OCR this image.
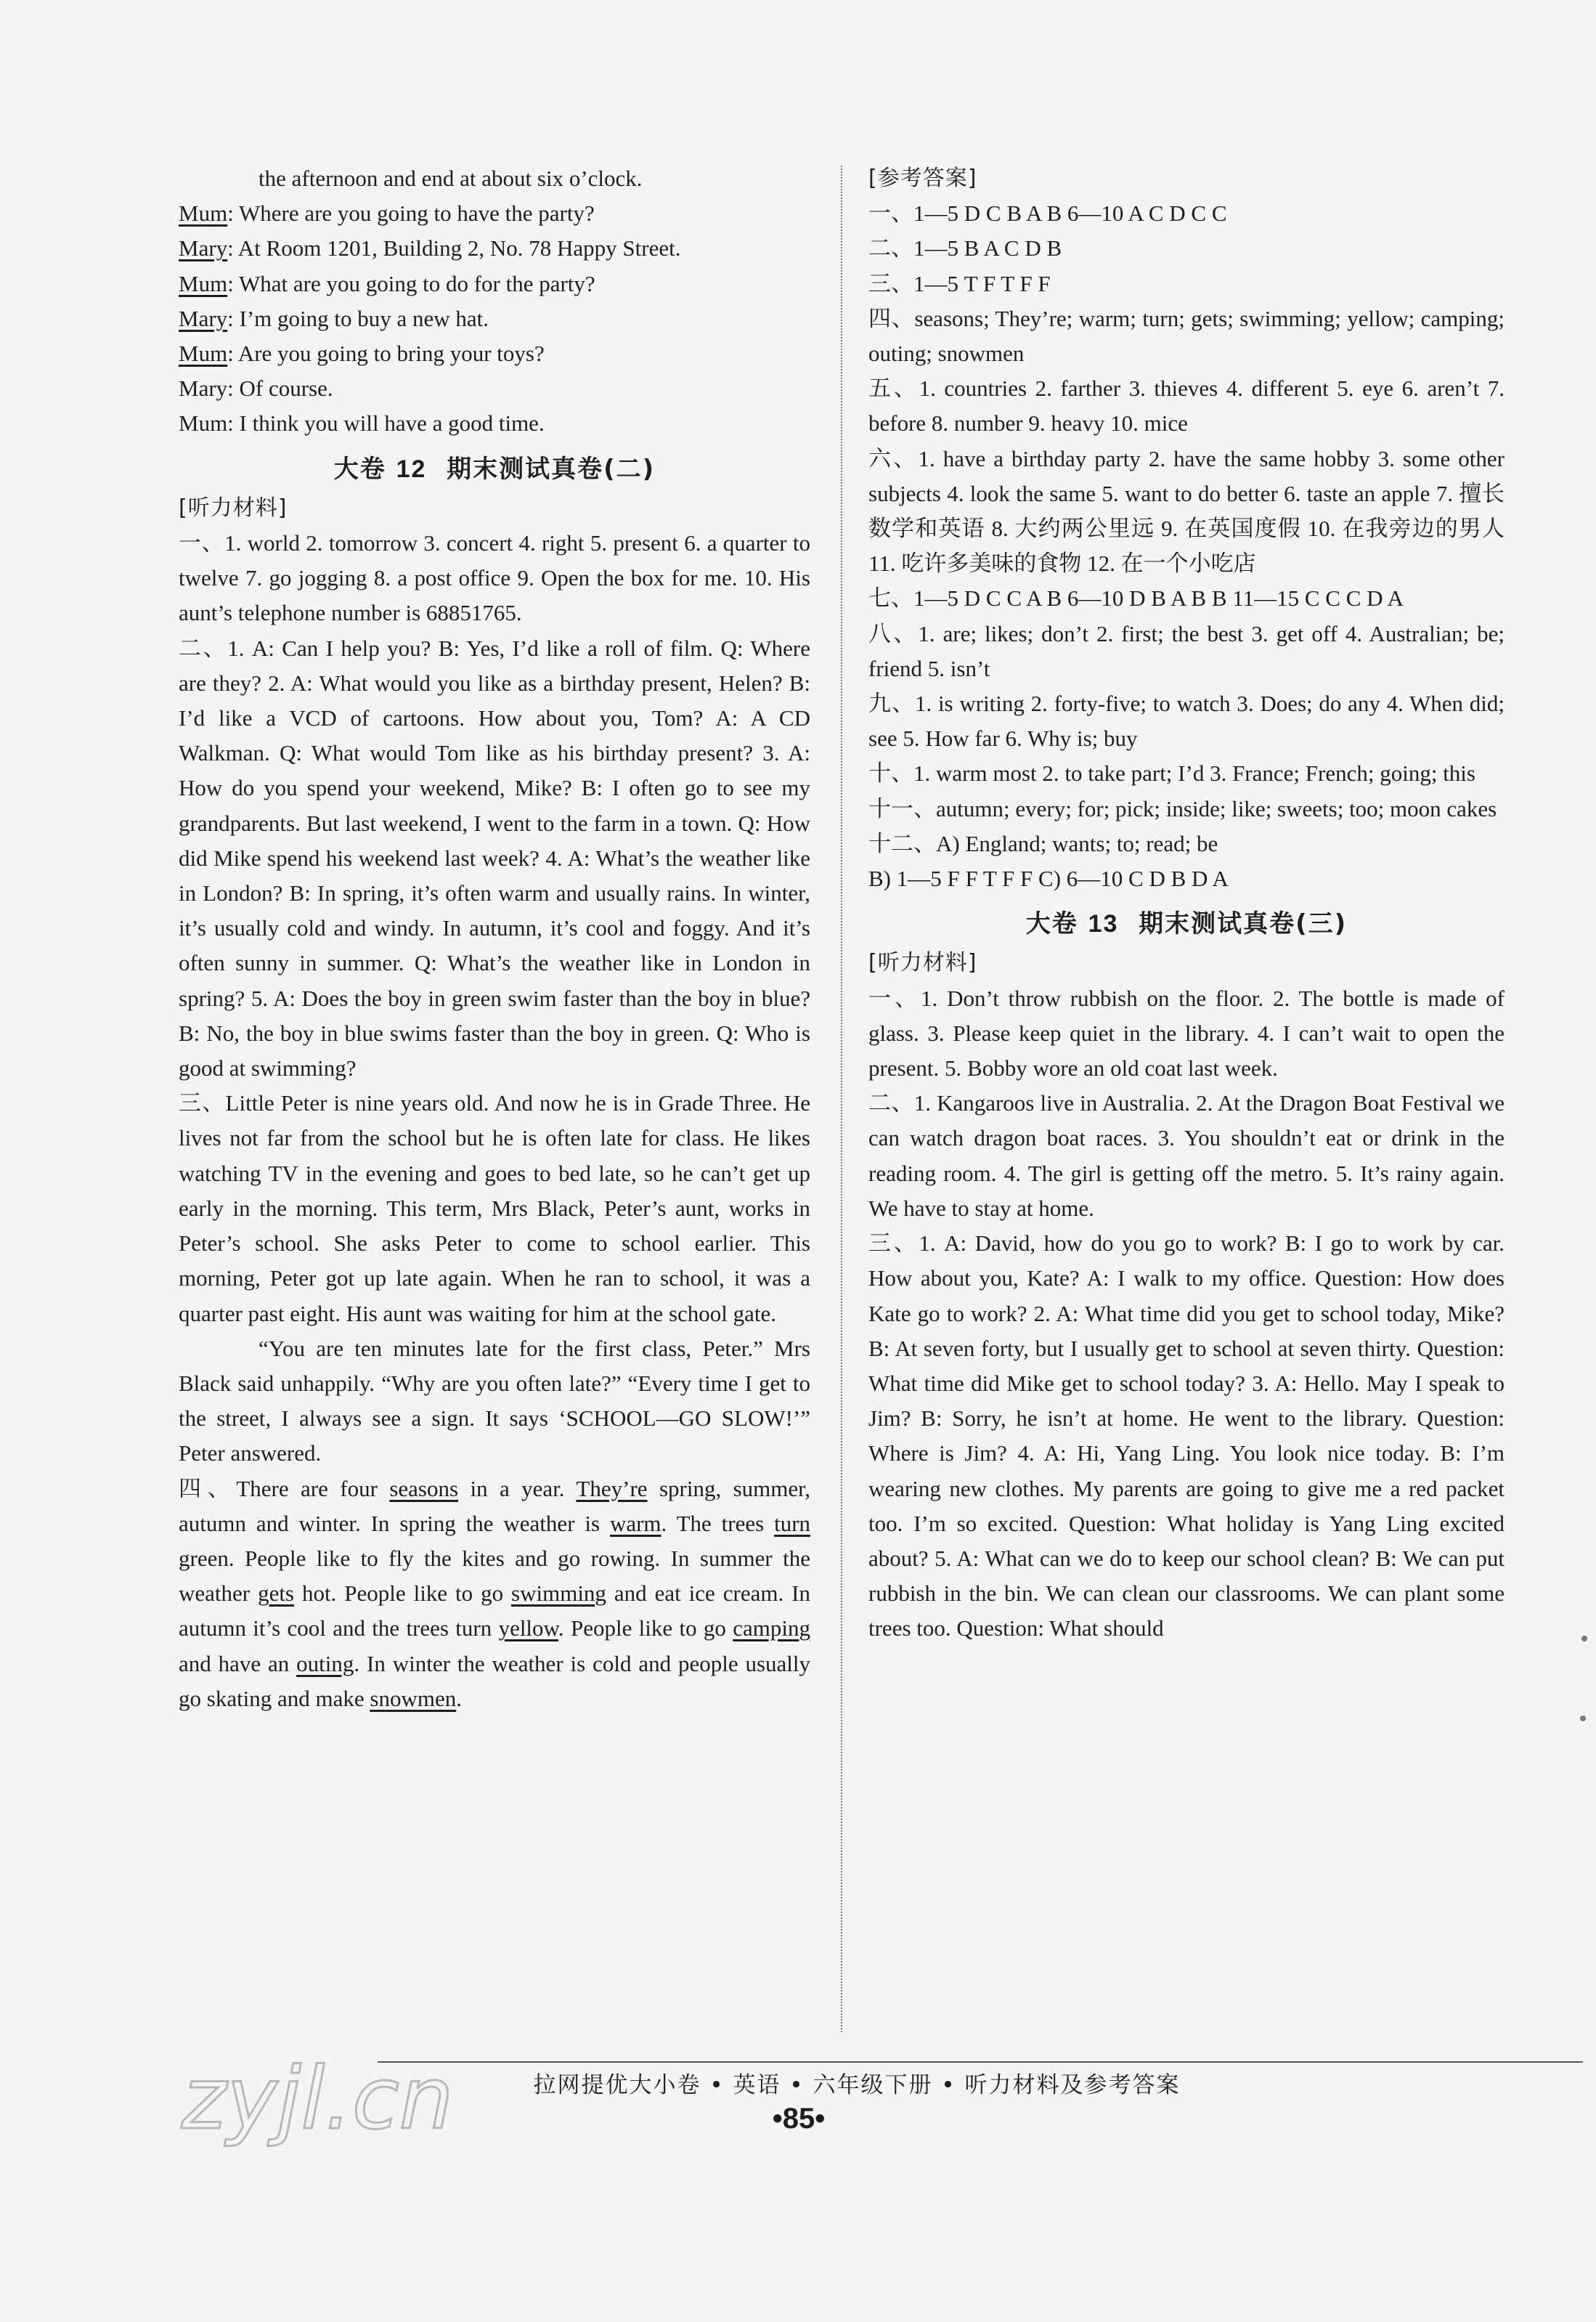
the afternoon and end at about six o’clock.

Mum: Where are you going to have the party?

Mary: At Room 1201, Building 2, No. 78 Happy Street.

Mum: What are you going to do for the party?

Mary: I’m going to buy a new hat.

Mum: Are you going to bring your toys?

Mary: Of course.

Mum: I think you will have a good time.

大卷 12 期末测试真卷(二)
[听力材料]

一、1. world 2. tomorrow 3. concert 4. right 5. present 6. a quarter to twelve 7. go jogging 8. a post office 9. Open the box for me. 10. His aunt’s telephone number is 68851765.

二、1. A: Can I help you? B: Yes, I’d like a roll of film. Q: Where are they? 2. A: What would you like as a birthday present, Helen? B: I’d like a VCD of cartoons. How about you, Tom? A: A CD Walkman. Q: What would Tom like as his birthday present? 3. A: How do you spend your weekend, Mike? B: I often go to see my grandparents. But last weekend, I went to the farm in a town. Q: How did Mike spend his weekend last week? 4. A: What’s the weather like in London? B: In spring, it’s often warm and usually rains. In winter, it’s usually cold and windy. In autumn, it’s cool and foggy. And it’s often sunny in summer. Q: What’s the weather like in London in spring? 5. A: Does the boy in green swim faster than the boy in blue? B: No, the boy in blue swims faster than the boy in green. Q: Who is good at swimming?

三、Little Peter is nine years old. And now he is in Grade Three. He lives not far from the school but he is often late for class. He likes watching TV in the evening and goes to bed late, so he can’t get up early in the morning. This term, Mrs Black, Peter’s aunt, works in Peter’s school. She asks Peter to come to school earlier. This morning, Peter got up late again. When he ran to school, it was a quarter past eight. His aunt was waiting for him at the school gate.

“You are ten minutes late for the first class, Peter.” Mrs Black said unhappily. “Why are you often late?” “Every time I get to the street, I always see a sign. It says ‘SCHOOL—GO SLOW!’” Peter answered.

四、There are four seasons in a year. They’re spring, summer, autumn and winter. In spring the weather is warm. The trees turn green. People like to fly the kites and go rowing. In summer the weather gets hot. People like to go swimming and eat ice cream. In autumn it’s cool and the trees turn yellow. People like to go camping and have an outing. In winter the weather is cold and people usually go skating and make snowmen.

[参考答案]

一、1—5 D C B A B 6—10 A C D C C

二、1—5 B A C D B

三、1—5 T F T F F

四、seasons; They’re; warm; turn; gets; swimming; yellow; camping; outing; snowmen

五、1. countries 2. farther 3. thieves 4. different 5. eye 6. aren’t 7. before 8. number 9. heavy 10. mice

六、1. have a birthday party 2. have the same hobby 3. some other subjects 4. look the same 5. want to do better 6. taste an apple 7. 擅长数学和英语 8. 大约两公里远 9. 在英国度假 10. 在我旁边的男人 11. 吃许多美味的食物 12. 在一个小吃店

七、1—5 D C C A B 6—10 D B A B B 11—15 C C C D A

八、1. are; likes; don’t 2. first; the best 3. get off 4. Australian; be; friend 5. isn’t

九、1. is writing 2. forty-five; to watch 3. Does; do any 4. When did; see 5. How far 6. Why is; buy

十、1. warm most 2. to take part; I’d 3. France; French; going; this

十一、autumn; every; for; pick; inside; like; sweets; too; moon cakes

十二、A) England; wants; to; read; be

B) 1—5 F F T F F C) 6—10 C D B D A

大卷 13 期末测试真卷(三)
[听力材料]

一、1. Don’t throw rubbish on the floor. 2. The bottle is made of glass. 3. Please keep quiet in the library. 4. I can’t wait to open the present. 5. Bobby wore an old coat last week.

二、1. Kangaroos live in Australia. 2. At the Dragon Boat Festival we can watch dragon boat races. 3. You shouldn’t eat or drink in the reading room. 4. The girl is getting off the metro. 5. It’s rainy again. We have to stay at home.

三、1. A: David, how do you go to work? B: I go to work by car. How about you, Kate? A: I walk to my office. Question: How does Kate go to work? 2. A: What time did you get to school today, Mike? B: At seven forty, but I usually get to school at seven thirty. Question: What time did Mike get to school today? 3. A: Hello. May I speak to Jim? B: Sorry, he isn’t at home. He went to the library. Question: Where is Jim? 4. A: Hi, Yang Ling. You look nice today. B: I’m wearing new clothes. My parents are going to give me a red packet too. I’m so excited. Question: What holiday is Yang Ling excited about? 5. A: What can we do to keep our school clean? B: We can put rubbish in the bin. We can clean our classrooms. We can plant some trees too. Question: What should

拉网提优大小卷 • 英语 • 六年级下册 • 听力材料及参考答案
•85•
zyjl.cn
